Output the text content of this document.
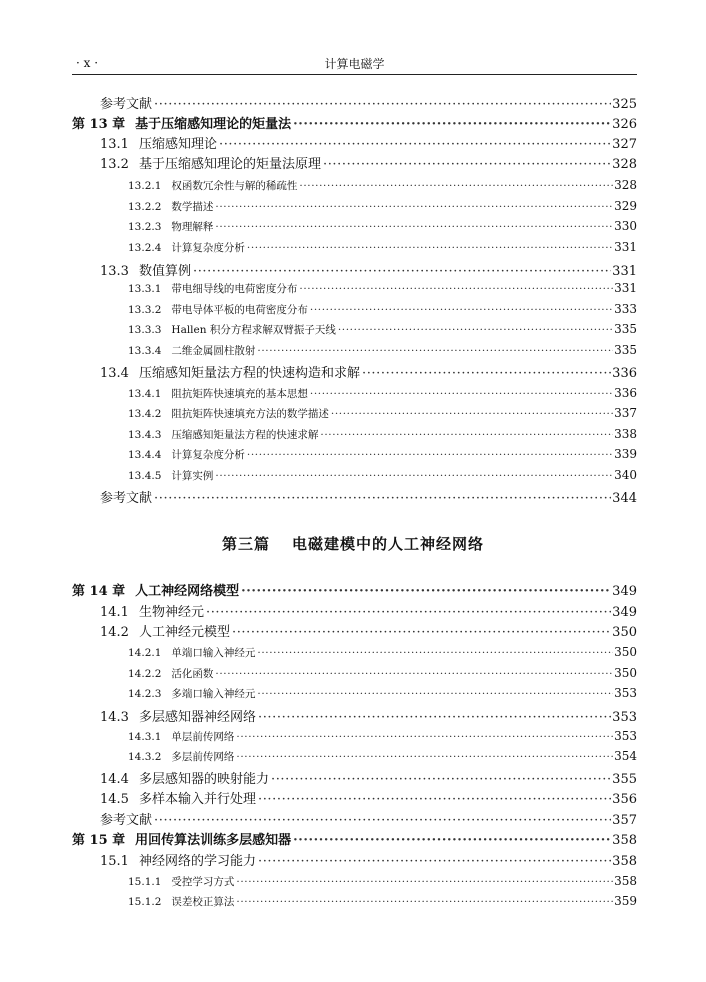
· x ·	计算电磁学
参考文献 ·····	325
第 13 章 基于压缩感知理论的矩量法 ·····	326
13.1 压缩感知理论 ·····	327
13.2 基于压缩感知理论的矩量法原理 ·····	328
13.2.1 权函数冗余性与解的稀疏性 ·····	328
13.2.2 数学描述 ·····	329
13.2.3 物理解释 ·····	330
13.2.4 计算复杂度分析 ·····	331
13.3 数值算例 ·····	331
13.3.1 带电细导线的电荷密度分布 ·····	331
13.3.2 带电导体平板的电荷密度分布 ·····	333
13.3.3 Hallen 积分方程求解双臂振子天线 ·····	335
13.3.4 二维金属圆柱散射 ·····	335
13.4 压缩感知矩量法方程的快速构造和求解 ·····	336
13.4.1 阻抗矩阵快速填充的基本思想 ·····	336
13.4.2 阻抗矩阵快速填充方法的数学描述 ·····	337
13.4.3 压缩感知矩量法方程的快速求解 ·····	338
13.4.4 计算复杂度分析 ·····	339
13.4.5 计算实例 ·····	340
参考文献 ·····	344
第 14 章 人工神经网络模型 ·····	349
14.1 生物神经元 ·····	349
14.2 人工神经元模型 ·····	350
14.2.1 单端口输入神经元 ·····	350
14.2.2 活化函数 ·····	350
14.2.3 多端口输入神经元 ·····	353
14.3 多层感知器神经网络 ·····	353
14.3.1 单层前传网络 ·····	353
14.3.2 多层前传网络 ·····	354
14.4 多层感知器的映射能力 ·····	355
14.5 多样本输入并行处理 ·····	356
参考文献 ·····	357
第 15 章 用回传算法训练多层感知器 ·····	358
15.1 神经网络的学习能力 ·····	358
15.1.1 受控学习方式 ·····	358
15.1.2 误差校正算法 ·····	359
第三篇 电磁建模中的人工神经网络
